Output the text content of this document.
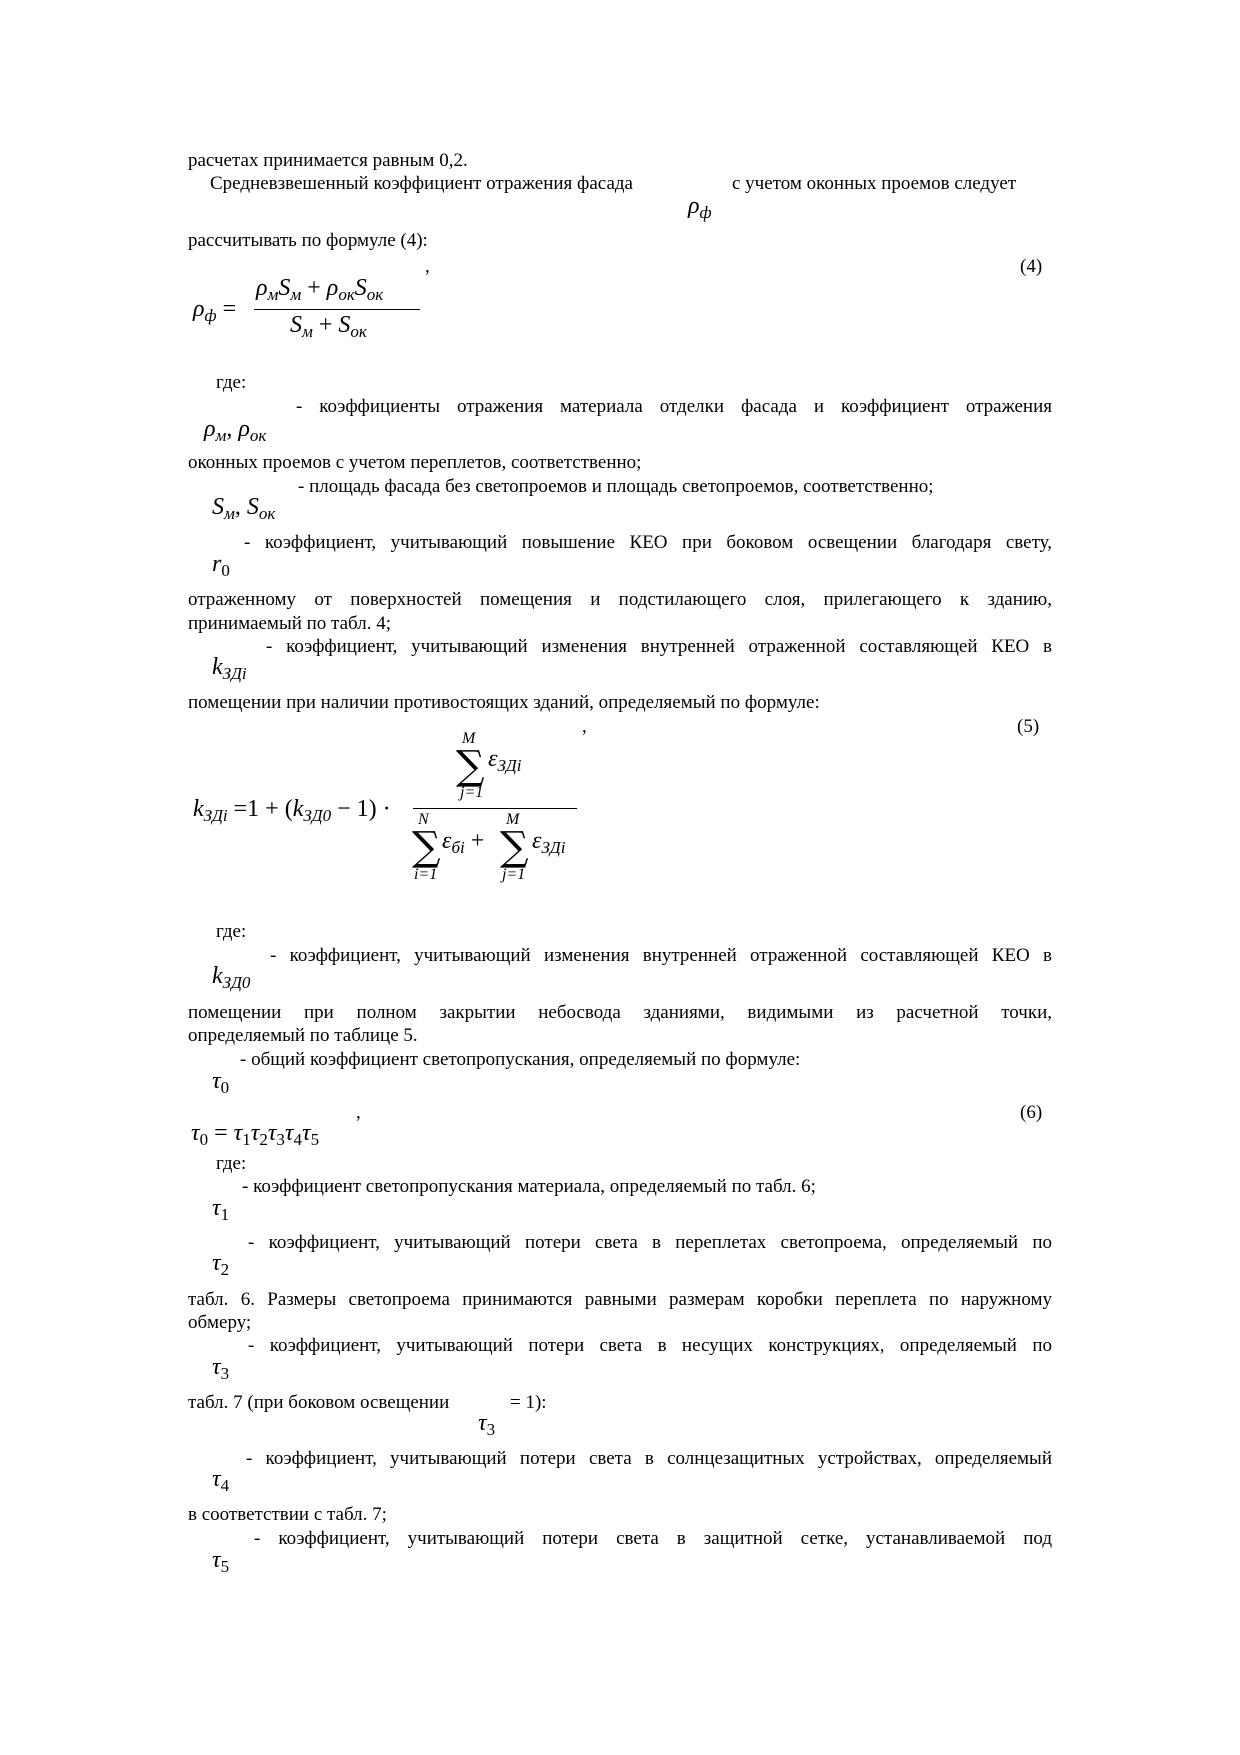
расчетах принимается равным 0,2.
Средневзвешенный коэффициент отражения фасада	с учетом оконных проемов следует
$\rho_ф$
рассчитывать по формуле (4):
,	(4)
$\rho_ф$ =
$\rho_мS_м + \rho_{ок}S_{ок}$
$S_м + S_{ок}$
где:
- коэффициенты отражения материала отделки фасада и коэффициент отражения
$\rho_м$, $\rho_{ок}$
оконных проемов с учетом переплетов, соответственно;
- площадь фасада без светопроемов и площадь светопроемов, соответственно;
$S_м$, $S_{ок}$
- коэффициент, учитывающий повышение КЕО при боковом освещении благодаря свету,
$r_0$
отраженному от поверхностей помещения и подстилающего слоя, прилегающего к зданию,
принимаемый по табл. 4;
- коэффициент, учитывающий изменения внутренней отраженной составляющей КЕО в
$k_{ЗДi}$
помещении при наличии противостоящих зданий, определяемый по формуле:
,	(5)
$k_{ЗДi} =1 + (k_{ЗД0} - 1)$ ·
M
∑ $\varepsilon_{ЗДi}$
j=1
N	M
∑ $\varepsilon_{бi}$ + ∑ $\varepsilon_{ЗДi}$
i=1	j=1
где:
- коэффициент, учитывающий изменения внутренней отраженной составляющей КЕО в
$k_{ЗД0}$
помещении при полном закрытии небосвода зданиями, видимыми из расчетной точки,
определяемый по таблице 5.
- общий коэффициент светопропускания, определяемый по формуле:
$\tau_0$
,	(6)
$\tau_0 = \tau_1\tau_2\tau_3\tau_4\tau_5$
где:
- коэффициент светопропускания материала, определяемый по табл. 6;
$\tau_1$
- коэффициент, учитывающий потери света в переплетах светопроема, определяемый по
$\tau_2$
табл. 6. Размеры светопроема принимаются равными размерам коробки переплета по наружному
обмеру;
- коэффициент, учитывающий потери света в несущих конструкциях, определяемый по
$\tau_3$
табл. 7 (при боковом освещении	= 1):
$\tau_3$
- коэффициент, учитывающий потери света в солнцезащитных устройствах, определяемый
$\tau_4$
в соответствии с табл. 7;
- коэффициент, учитывающий потери света в защитной сетке, устанавливаемой под
$\tau_5$
